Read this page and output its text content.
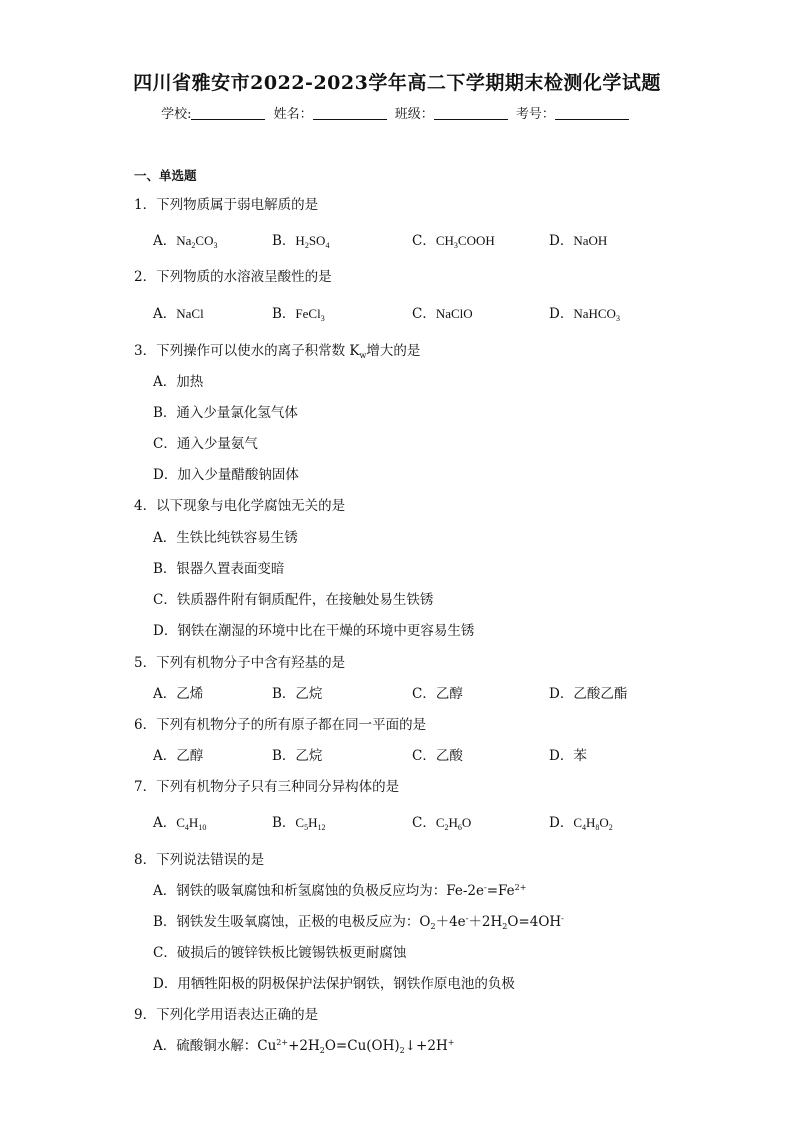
四川省雅安市2022-2023学年高二下学期期末检测化学试题
学校:	姓名：	班级：	考号：
一、单选题
1．下列物质属于弱电解质的是
A．$Na_2CO_3$	B．$H_2SO_4$	C．$CH_3COOH$	D．NaOH
2．下列物质的水溶液呈酸性的是
A．NaCl	B．FeCl$_3$	C．NaClO	D．NaHCO$_3$
3．下列操作可以使水的离子积常数 $K_w$增大的是
A．加热
B．通入少量氯化氢气体
C．通入少量氨气
D．加入少量醋酸钠固体
4．以下现象与电化学腐蚀无关的是
A．生铁比纯铁容易生锈
B．银器久置表面变暗
C．铁质器件附有铜质配件，在接触处易生铁锈
D．钢铁在潮湿的环境中比在干燥的环境中更容易生锈
5．下列有机物分子中含有羟基的是
A．乙烯	B．乙烷	C．乙醇	D．乙酸乙酯
6．下列有机物分子的所有原子都在同一平面的是
A．乙醇	B．乙烷	C．乙酸	D．苯
7．下列有机物分子只有三种同分异构体的是
A．$C_4H_{10}$	B．$C_5H_{12}$	C．$C_2H_6O$	D．$C_4H_8O_2$
8．下列说法错误的是
A．钢铁的吸氧腐蚀和析氢腐蚀的负极反应均为：$Fe-2e^-=Fe^{2+}$
B．钢铁发生吸氧腐蚀，正极的电极反应为：$O_2+4e^-+2H_2O=4OH^-$
C．破损后的镀锌铁板比镀锡铁板更耐腐蚀
D．用牺牲阳极的阴极保护法保护钢铁，钢铁作原电池的负极
9．下列化学用语表达正确的是
A．硫酸铜水解：$Cu^{2+}+2H_2O=Cu(OH)_2↓+2H^+$
